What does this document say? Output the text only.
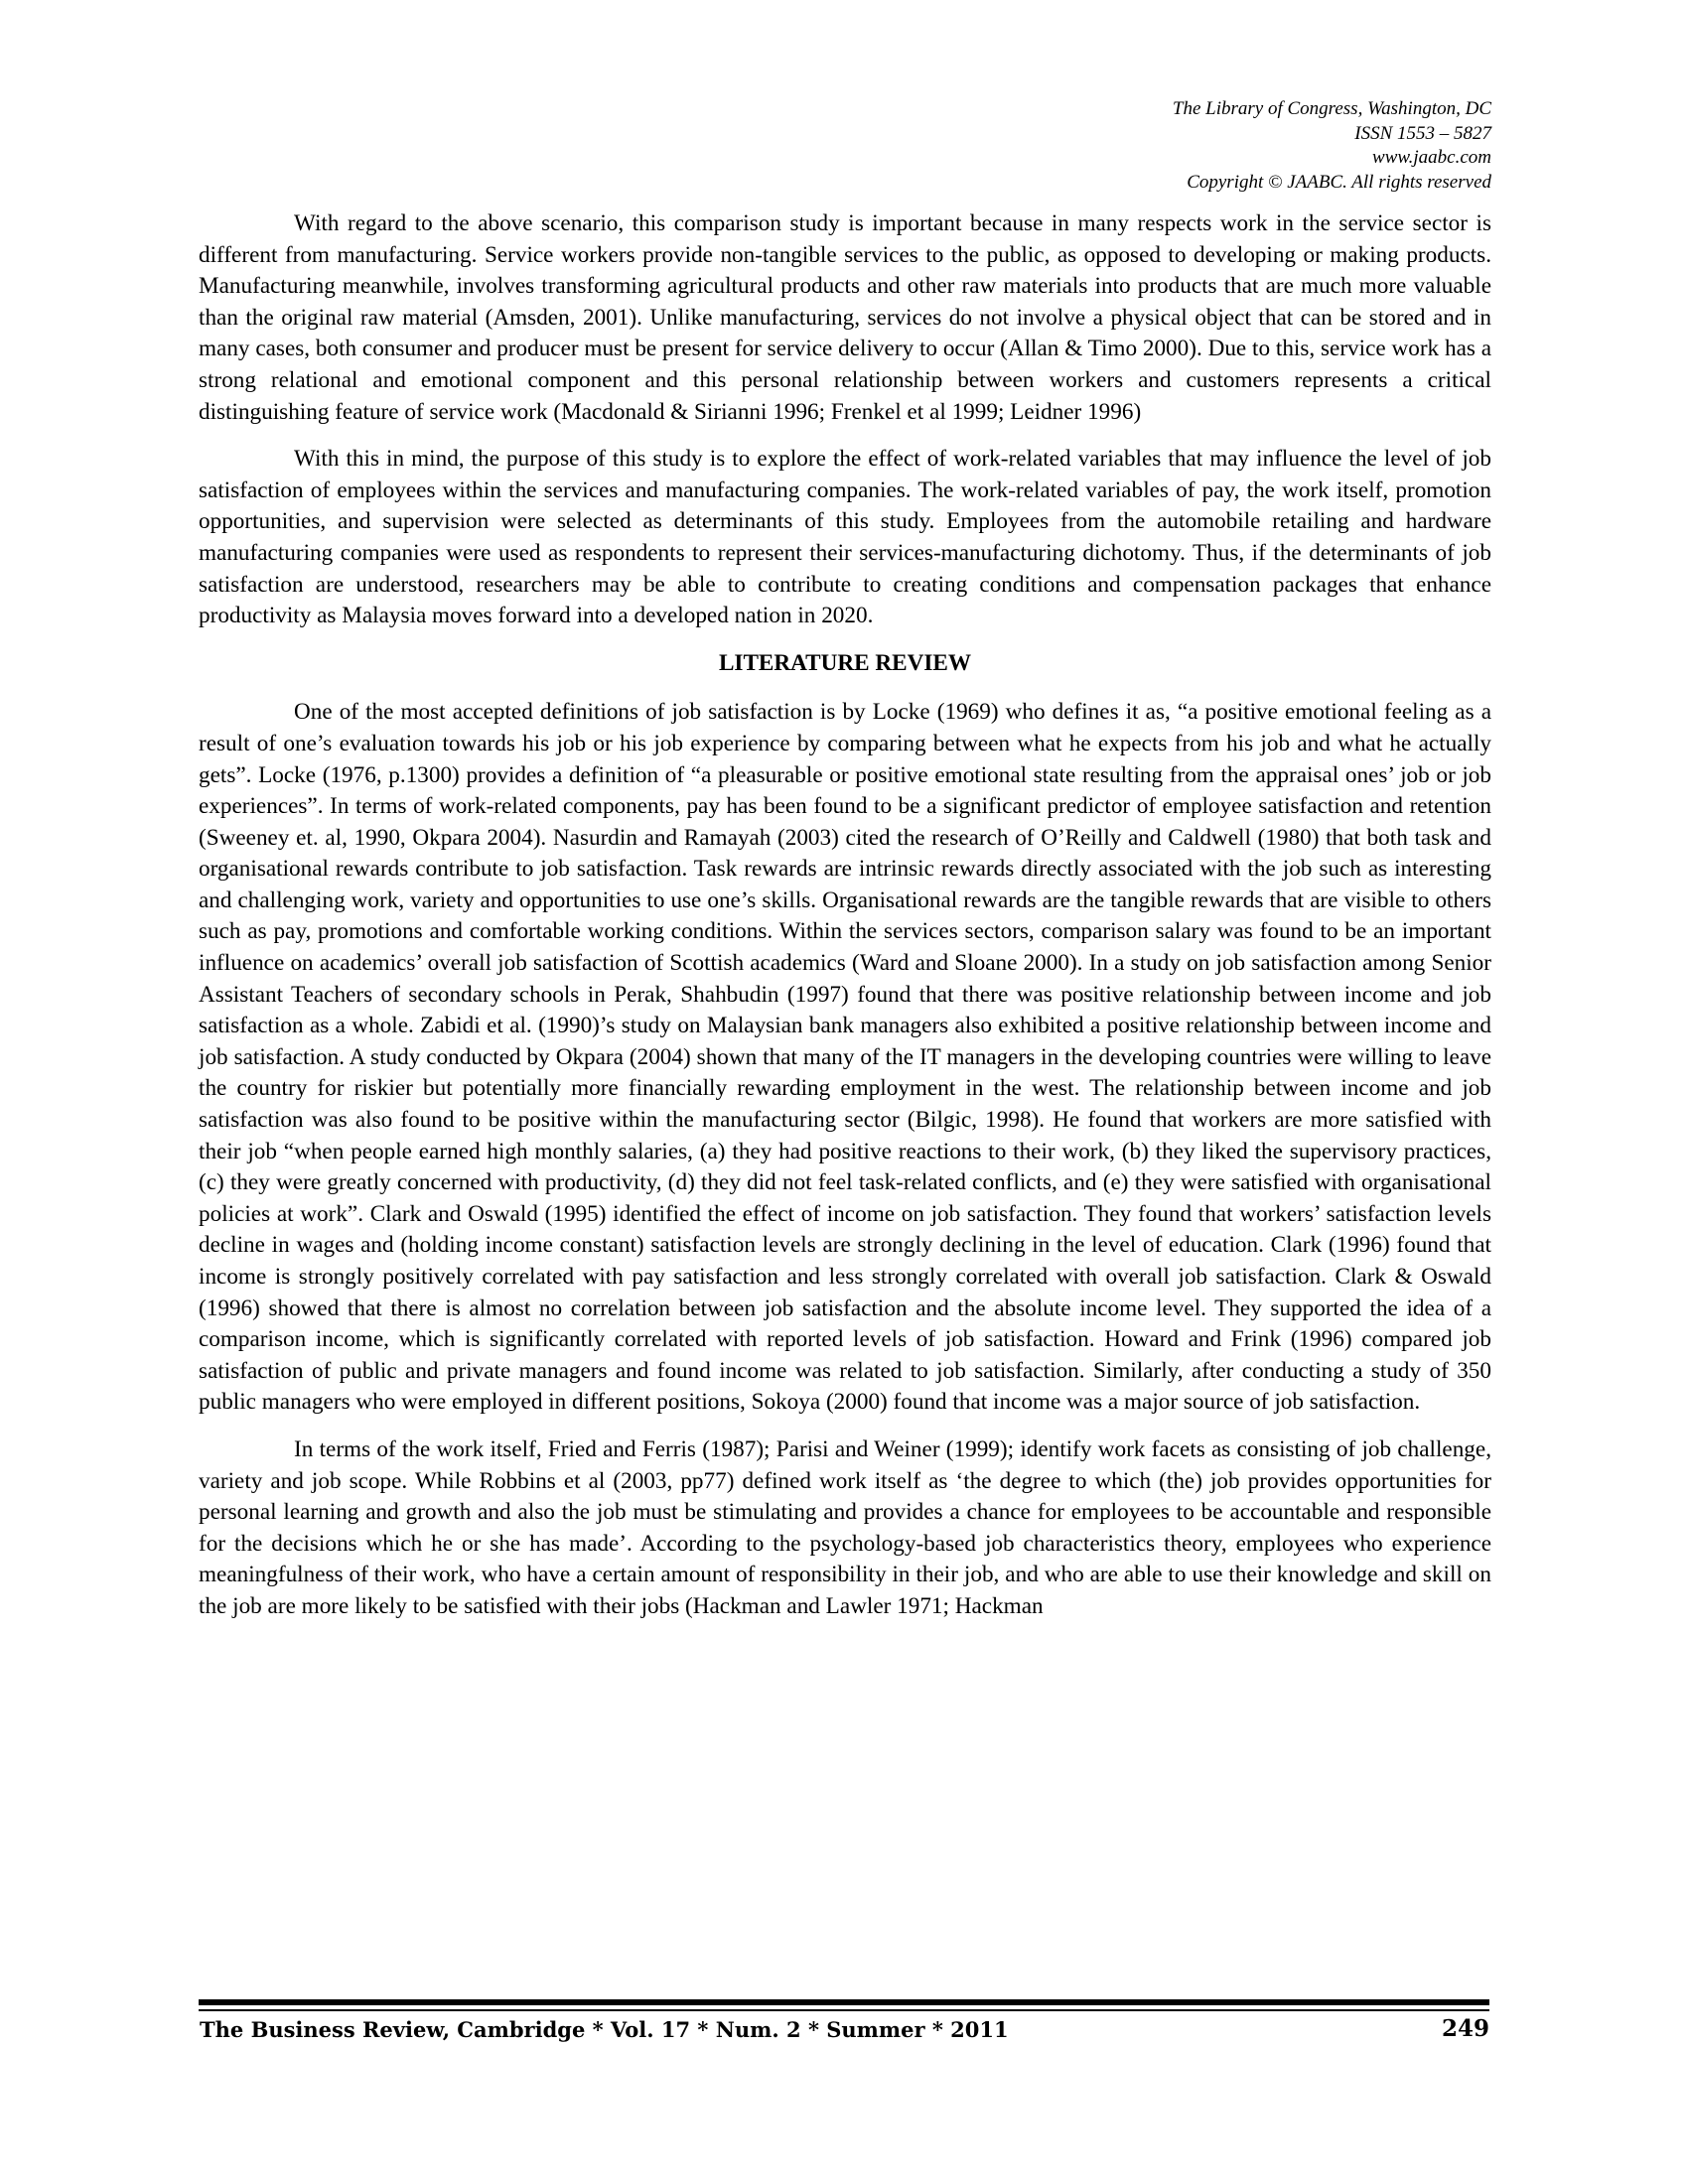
The Library of Congress, Washington, DC
ISSN 1553 – 5827
www.jaabc.com
Copyright © JAABC. All rights reserved

With regard to the above scenario, this comparison study is important because in many respects work in the service sector is different from manufacturing. Service workers provide non-tangible services to the public, as opposed to developing or making products. Manufacturing meanwhile, involves transforming agricultural products and other raw materials into products that are much more valuable than the original raw material (Amsden, 2001). Unlike manufacturing, services do not involve a physical object that can be stored and in many cases, both consumer and producer must be present for service delivery to occur (Allan & Timo 2000). Due to this, service work has a strong relational and emotional component and this personal relationship between workers and customers represents a critical distinguishing feature of service work (Macdonald & Sirianni 1996; Frenkel et al 1999; Leidner 1996)

With this in mind, the purpose of this study is to explore the effect of work-related variables that may influence the level of job satisfaction of employees within the services and manufacturing companies. The work-related variables of pay, the work itself, promotion opportunities, and supervision were selected as determinants of this study. Employees from the automobile retailing and hardware manufacturing companies were used as respondents to represent their services-manufacturing dichotomy. Thus, if the determinants of job satisfaction are understood, researchers may be able to contribute to creating conditions and compensation packages that enhance productivity as Malaysia moves forward into a developed nation in 2020.

LITERATURE REVIEW

One of the most accepted definitions of job satisfaction is by Locke (1969) who defines it as, “a positive emotional feeling as a result of one’s evaluation towards his job or his job experience by comparing between what he expects from his job and what he actually gets”. Locke (1976, p.1300) provides a definition of “a pleasurable or positive emotional state resulting from the appraisal ones’ job or job experiences”. In terms of work-related components, pay has been found to be a significant predictor of employee satisfaction and retention (Sweeney et. al, 1990, Okpara 2004). Nasurdin and Ramayah (2003) cited the research of O’Reilly and Caldwell (1980) that both task and organisational rewards contribute to job satisfaction. Task rewards are intrinsic rewards directly associated with the job such as interesting and challenging work, variety and opportunities to use one’s skills. Organisational rewards are the tangible rewards that are visible to others such as pay, promotions and comfortable working conditions. Within the services sectors, comparison salary was found to be an important influence on academics’ overall job satisfaction of Scottish academics (Ward and Sloane 2000). In a study on job satisfaction among Senior Assistant Teachers of secondary schools in Perak, Shahbudin (1997) found that there was positive relationship between income and job satisfaction as a whole. Zabidi et al. (1990)’s study on Malaysian bank managers also exhibited a positive relationship between income and job satisfaction. A study conducted by Okpara (2004) shown that many of the IT managers in the developing countries were willing to leave the country for riskier but potentially more financially rewarding employment in the west. The relationship between income and job satisfaction was also found to be positive within the manufacturing sector (Bilgic, 1998). He found that workers are more satisfied with their job “when people earned high monthly salaries, (a) they had positive reactions to their work, (b) they liked the supervisory practices, (c) they were greatly concerned with productivity, (d) they did not feel task-related conflicts, and (e) they were satisfied with organisational policies at work”. Clark and Oswald (1995) identified the effect of income on job satisfaction. They found that workers’ satisfaction levels decline in wages and (holding income constant) satisfaction levels are strongly declining in the level of education. Clark (1996) found that income is strongly positively correlated with pay satisfaction and less strongly correlated with overall job satisfaction. Clark & Oswald (1996) showed that there is almost no correlation between job satisfaction and the absolute income level. They supported the idea of a comparison income, which is significantly correlated with reported levels of job satisfaction. Howard and Frink (1996) compared job satisfaction of public and private managers and found income was related to job satisfaction. Similarly, after conducting a study of 350 public managers who were employed in different positions, Sokoya (2000) found that income was a major source of job satisfaction.

In terms of the work itself, Fried and Ferris (1987); Parisi and Weiner (1999); identify work facets as consisting of job challenge, variety and job scope. While Robbins et al (2003, pp77) defined work itself as ‘the degree to which (the) job provides opportunities for personal learning and growth and also the job must be stimulating and provides a chance for employees to be accountable and responsible for the decisions which he or she has made’. According to the psychology-based job characteristics theory, employees who experience meaningfulness of their work, who have a certain amount of responsibility in their job, and who are able to use their knowledge and skill on the job are more likely to be satisfied with their jobs (Hackman and Lawler 1971; Hackman

The Business Review, Cambridge * Vol. 17 * Num. 2 * Summer * 2011	249
